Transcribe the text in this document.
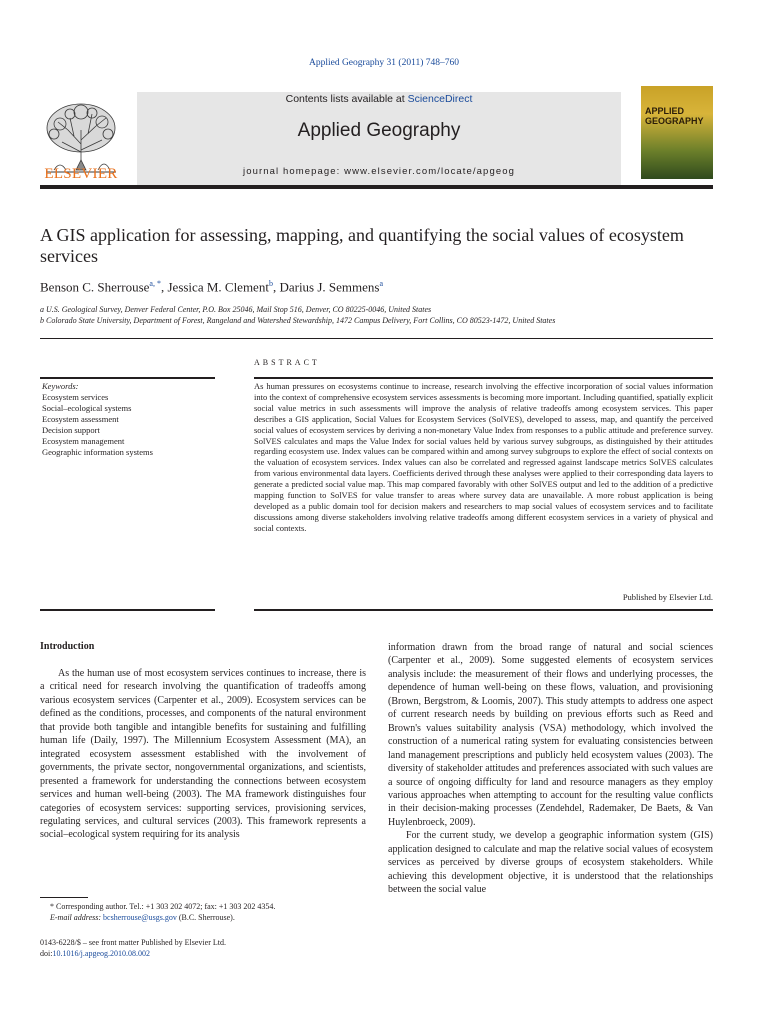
Applied Geography 31 (2011) 748–760
Contents lists available at ScienceDirect
Applied Geography
journal homepage: www.elsevier.com/locate/apgeog
ELSEVIER
APPLIED GEOGRAPHY
A GIS application for assessing, mapping, and quantifying the social values of ecosystem services
Benson C. Sherrouse$^{a, *}$, Jessica M. Clement$^b$, Darius J. Semmens$^a$
a U.S. Geological Survey, Denver Federal Center, P.O. Box 25046, Mail Stop 516, Denver, CO 80225-0046, United States
b Colorado State University, Department of Forest, Rangeland and Watershed Stewardship, 1472 Campus Delivery, Fort Collins, CO 80523-1472, United States
Keywords:
Ecosystem services
Social–ecological systems
Ecosystem assessment
Decision support
Ecosystem management
Geographic information systems
ABSTRACT
As human pressures on ecosystems continue to increase, research involving the effective incorporation of social values information into the context of comprehensive ecosystem services assessments is becoming more important. Including quantified, spatially explicit social value metrics in such assessments will improve the analysis of relative tradeoffs among ecosystem services. This paper describes a GIS application, Social Values for Ecosystem Services (SolVES), developed to assess, map, and quantify the perceived social values of ecosystem services by deriving a non-monetary Value Index from responses to a public attitude and preference survey. SolVES calculates and maps the Value Index for social values held by various survey subgroups, as distinguished by their attitudes regarding ecosystem use. Index values can be compared within and among survey subgroups to explore the effect of social contexts on the valuation of ecosystem services. Index values can also be correlated and regressed against landscape metrics SolVES calculates from various environmental data layers. Coefficients derived through these analyses were applied to their corresponding data layers to generate a predicted social value map. This map compared favorably with other SolVES output and led to the addition of a predictive mapping function to SolVES for value transfer to areas where survey data are unavailable. A more robust application is being developed as a public domain tool for decision makers and researchers to map social values of ecosystem services and to facilitate discussions among diverse stakeholders involving relative tradeoffs among different ecosystem services in a variety of physical and social contexts.
Published by Elsevier Ltd.
Introduction

As the human use of most ecosystem services continues to increase, there is a critical need for research involving the quantification of tradeoffs among various ecosystem services (Carpenter et al., 2009). Ecosystem services can be defined as the conditions, processes, and components of the natural environment that provide both tangible and intangible benefits for sustaining and fulfilling human life (Daily, 1997). The Millennium Ecosystem Assessment (MA), an integrated ecosystem assessment established with the involvement of governments, the private sector, nongovernmental organizations, and scientists, presented a framework for understanding the connections between ecosystem services and human well-being (2003). The MA framework distinguishes four categories of ecosystem services: supporting services, provisioning services, regulating services, and cultural services (2003). This framework represents a social–ecological system requiring for its analysis

information drawn from the broad range of natural and social sciences (Carpenter et al., 2009). Some suggested elements of ecosystem services analysis include: the measurement of their flows and underlying processes, the dependence of human well-being on these flows, valuation, and provisioning (Brown, Bergstrom, & Loomis, 2007). This study attempts to address one aspect of current research needs by building on previous efforts such as Reed and Brown's values suitability analysis (VSA) methodology, which involved the construction of a numerical rating system for evaluating consistencies between land management prescriptions and publicly held ecosystem values (2003). The diversity of stakeholder attitudes and preferences associated with such values are a source of ongoing difficulty for land and resource managers as they employ various approaches when attempting to account for the resulting value conflicts in their decision-making processes (Zendehdel, Rademaker, De Baets, & Van Huylenbroeck, 2009).

For the current study, we develop a geographic information system (GIS) application designed to calculate and map the relative social values of ecosystem services as perceived by diverse groups of ecosystem stakeholders. While achieving this development objective, it is understood that the relationships between the social value

* Corresponding author. Tel.: +1 303 202 4072; fax: +1 303 202 4354.
E-mail address: bcsherrouse@usgs.gov (B.C. Sherrouse).
0143-6228/$ – see front matter Published by Elsevier Ltd.
doi:10.1016/j.apgeog.2010.08.002
